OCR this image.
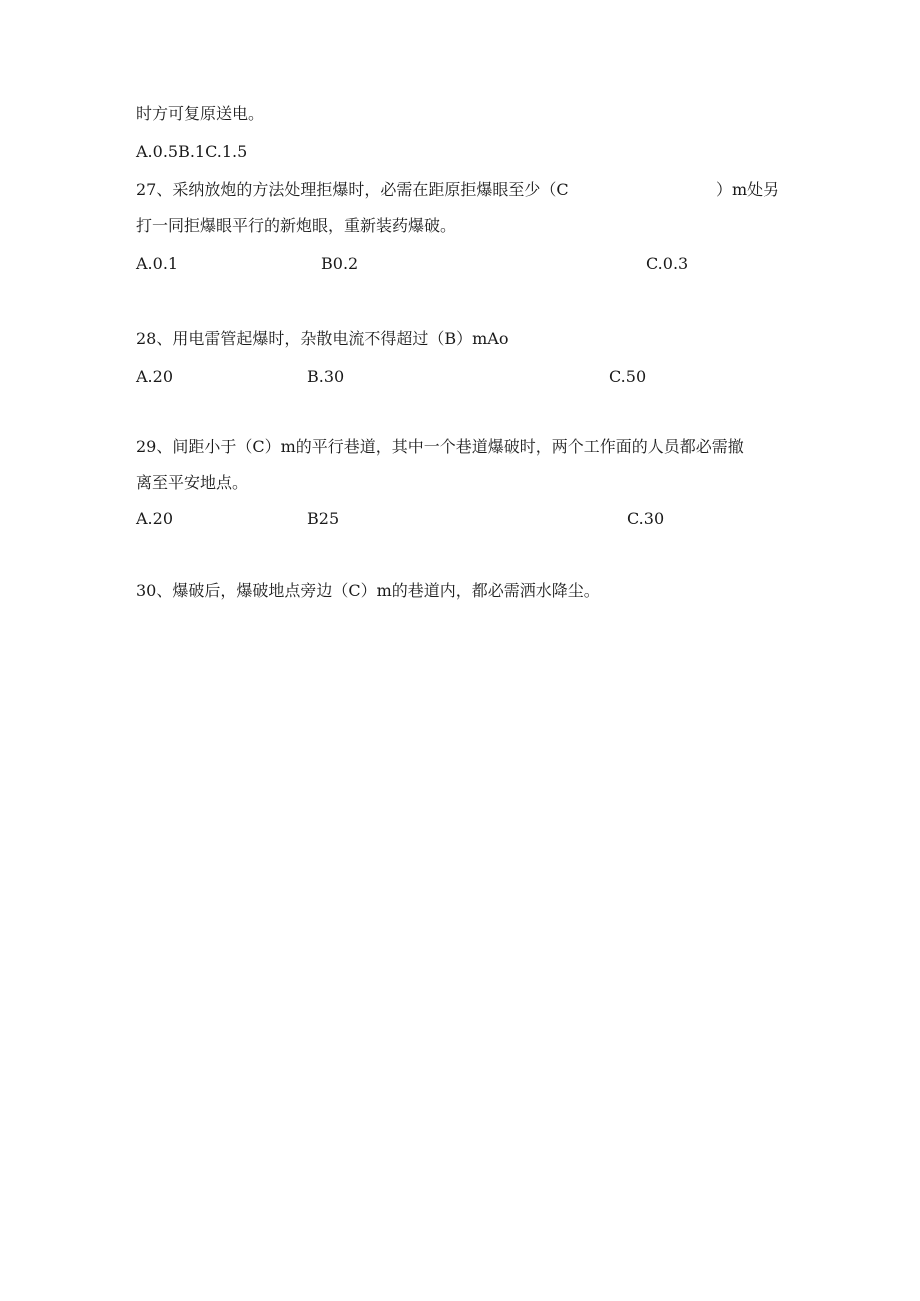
时方可复原送电。
A.0.5B.1C.1.5
27、采纳放炮的方法处理拒爆时，必需在距原拒爆眼至少（C	）m处另
打一同拒爆眼平行的新炮眼，重新装药爆破。
A.0.1	B0.2	C.0.3
28、用电雷管起爆时，杂散电流不得超过（B）mAo
A.20	B.30	C.50
29、间距小于（C）m的平行巷道，其中一个巷道爆破时，两个工作面的人员都必需撤
离至平安地点。
A.20	B25	C.30
30、爆破后，爆破地点旁边（C）m的巷道内，都必需洒水降尘。
